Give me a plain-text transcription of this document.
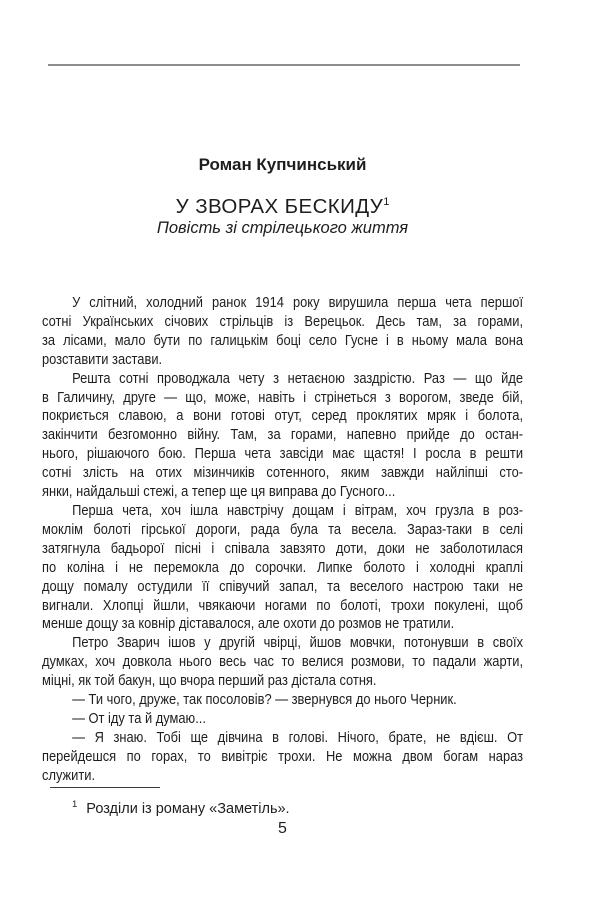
Роман Купчинський
У ЗВОРАХ БЕСКИДУ$^1$
Повість зі стрілецького життя
У слітний, холодний ранок 1914 року вирушила перша чета першої
сотні Українських січових стрільців із Верецьок. Десь там, за горами,
за лісами, мало бути по галицькім боці село Гусне і в ньому мала вона
розставити застави.
Решта сотні проводжала чету з нетаєною заздрістю. Раз — що йде
в Галичину, друге — що, може, навіть і стрінеться з ворогом, зведе бій,
покриється славою, а вони готові отут, серед проклятих мряк і болота,
закінчити безгомонно війну. Там, за горами, напевно прийде до остан-
нього, рішаючого бою. Перша чета завсіди має щастя! І росла в решти
сотні злість на отих мізинчиків сотенного, яким завжди найліпші сто-
янки, найдальші стежі, а тепер ще ця виправа до Гусного...
Перша чета, хоч ішла навстрічу дощам і вітрам, хоч грузла в роз-
моклім болоті гірської дороги, рада була та весела. Зараз-таки в селі
затягнула бадьорої пісні і співала завзято доти, доки не заболотилася
по коліна і не перемокла до сорочки. Липке болото і холодні краплі
дощу помалу остудили її співучий запал, та веселого настрою таки не
вигнали. Хлопці йшли, чвякаючи ногами по болоті, трохи покулені, щоб
менше дощу за ковнір діставалося, але охоти до розмов не тратили.
Петро Зварич ішов у другій чвірці, йшов мовчки, потонувши в своїх
думках, хоч довкола нього весь час то велися розмови, то падали жарти,
міцні, як той бакун, що вчора перший раз дістала сотня.
— Ти чого, друже, так посоловів? — звернувся до нього Черник.
— От іду та й думаю...
— Я знаю. Тобі ще дівчина в голові. Нічого, брате, не вдієш. От
перейдешся по горах, то вивітріє трохи. Не можна двом богам нараз
служити.
$^1$ Розділи із роману «Заметіль».
5
